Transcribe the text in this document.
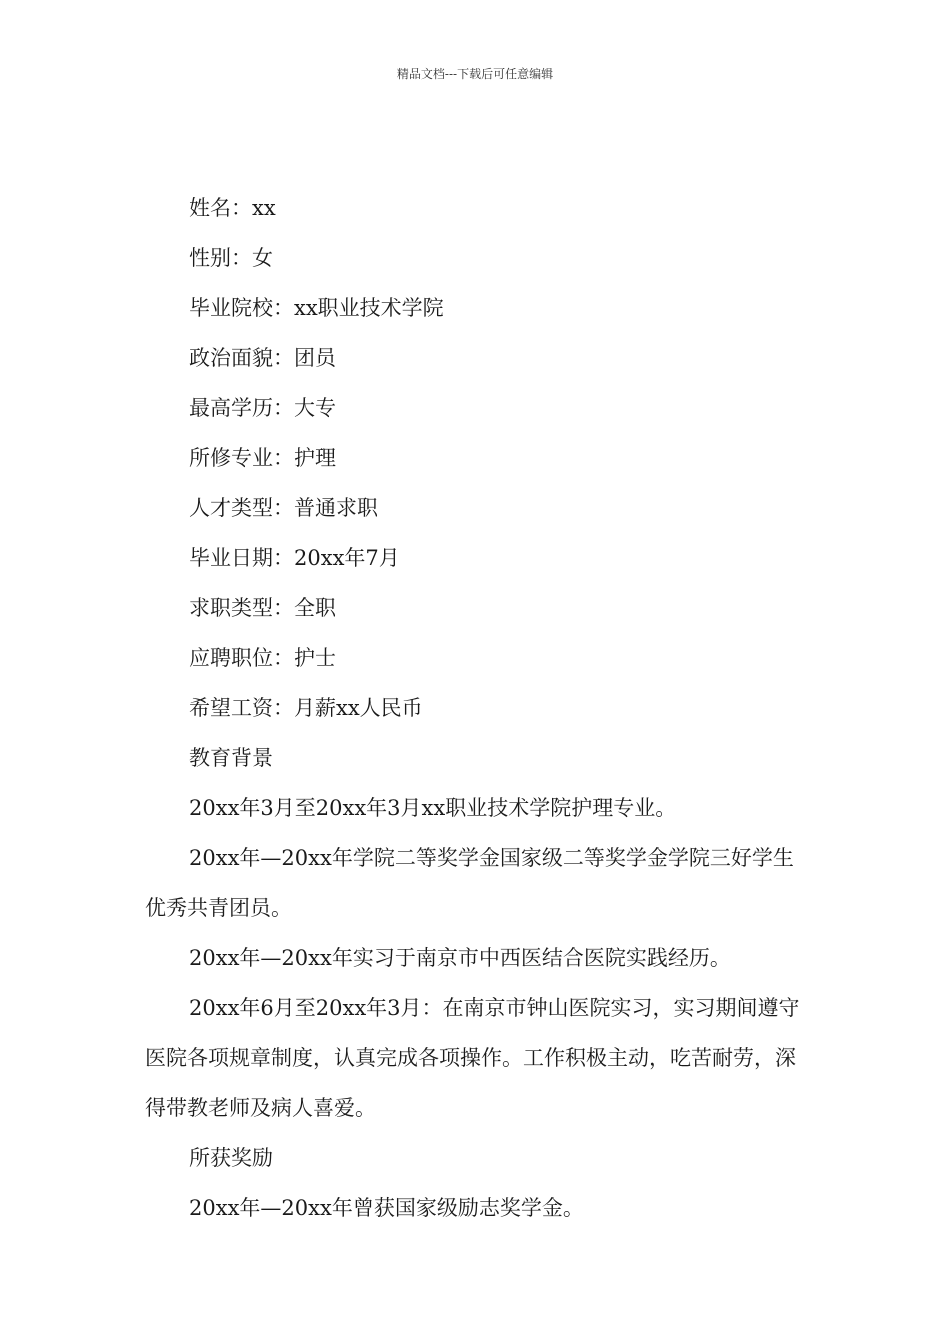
精品文档---下载后可任意编辑

姓名：xx

性别：女

毕业院校：xx职业技术学院

政治面貌：团员

最高学历：大专

所修专业：护理

人才类型：普通求职

毕业日期：20xx年7月

求职类型：全职

应聘职位：护士

希望工资：月薪xx人民币

教育背景

20xx年3月至20xx年3月xx职业技术学院护理专业。

20xx年—20xx年学院二等奖学金国家级二等奖学金学院三好学生优秀共青团员。

20xx年—20xx年实习于南京市中西医结合医院实践经历。

20xx年6月至20xx年3月：在南京市钟山医院实习，实习期间遵守医院各项规章制度，认真完成各项操作。工作积极主动，吃苦耐劳，深得带教老师及病人喜爱。

所获奖励

20xx年—20xx年曾获国家级励志奖学金。
